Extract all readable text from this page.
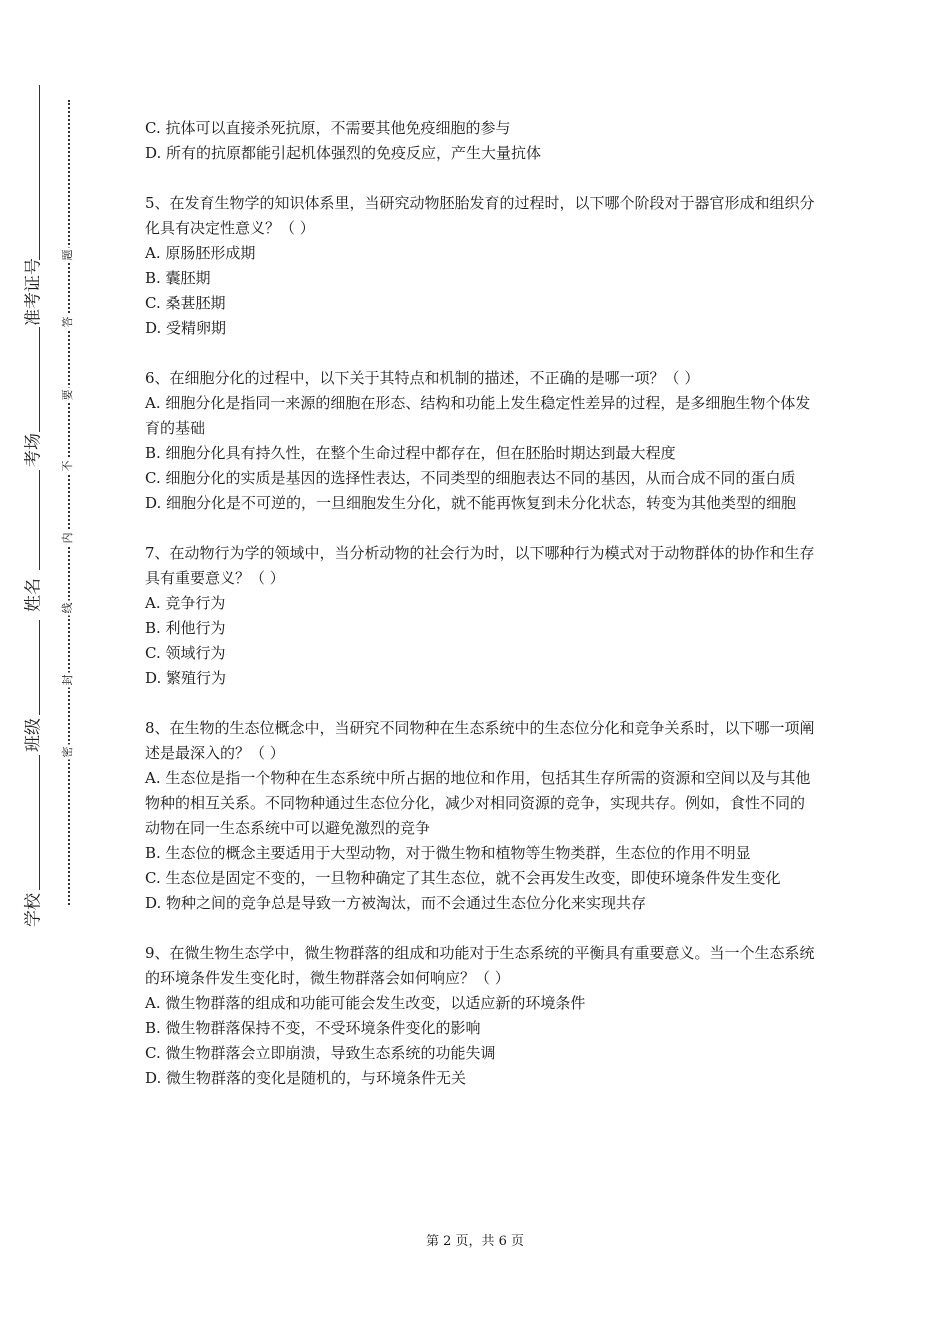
准考证号
考场
姓名
班级
学校
题
答
要
不
内
线
封
密

C. 抗体可以直接杀死抗原，不需要其他免疫细胞的参与

D. 所有的抗原都能引起机体强烈的免疫反应，产生大量抗体

5、在发育生物学的知识体系里，当研究动物胚胎发育的过程时，以下哪个阶段对于器官形成和组织分化具有决定性意义？（ ）

A. 原肠胚形成期

B. 囊胚期

C. 桑葚胚期

D. 受精卵期

6、在细胞分化的过程中，以下关于其特点和机制的描述，不正确的是哪一项？（ ）

A. 细胞分化是指同一来源的细胞在形态、结构和功能上发生稳定性差异的过程，是多细胞生物个体发育的基础

B. 细胞分化具有持久性，在整个生命过程中都存在，但在胚胎时期达到最大程度

C. 细胞分化的实质是基因的选择性表达，不同类型的细胞表达不同的基因，从而合成不同的蛋白质

D. 细胞分化是不可逆的，一旦细胞发生分化，就不能再恢复到未分化状态，转变为其他类型的细胞

7、在动物行为学的领域中，当分析动物的社会行为时，以下哪种行为模式对于动物群体的协作和生存具有重要意义？（ ）

A. 竞争行为

B. 利他行为

C. 领域行为

D. 繁殖行为

8、在生物的生态位概念中，当研究不同物种在生态系统中的生态位分化和竞争关系时，以下哪一项阐述是最深入的？（ ）

A. 生态位是指一个物种在生态系统中所占据的地位和作用，包括其生存所需的资源和空间以及与其他物种的相互关系。不同物种通过生态位分化，减少对相同资源的竞争，实现共存。例如，食性不同的动物在同一生态系统中可以避免激烈的竞争

B. 生态位的概念主要适用于大型动物，对于微生物和植物等生物类群，生态位的作用不明显

C. 生态位是固定不变的，一旦物种确定了其生态位，就不会再发生改变，即使环境条件发生变化

D. 物种之间的竞争总是导致一方被淘汰，而不会通过生态位分化来实现共存

9、在微生物生态学中，微生物群落的组成和功能对于生态系统的平衡具有重要意义。当一个生态系统的环境条件发生变化时，微生物群落会如何响应？（ ）

A. 微生物群落的组成和功能可能会发生改变，以适应新的环境条件

B. 微生物群落保持不变，不受环境条件变化的影响

C. 微生物群落会立即崩溃，导致生态系统的功能失调

D. 微生物群落的变化是随机的，与环境条件无关

第 2 页，共 6 页
